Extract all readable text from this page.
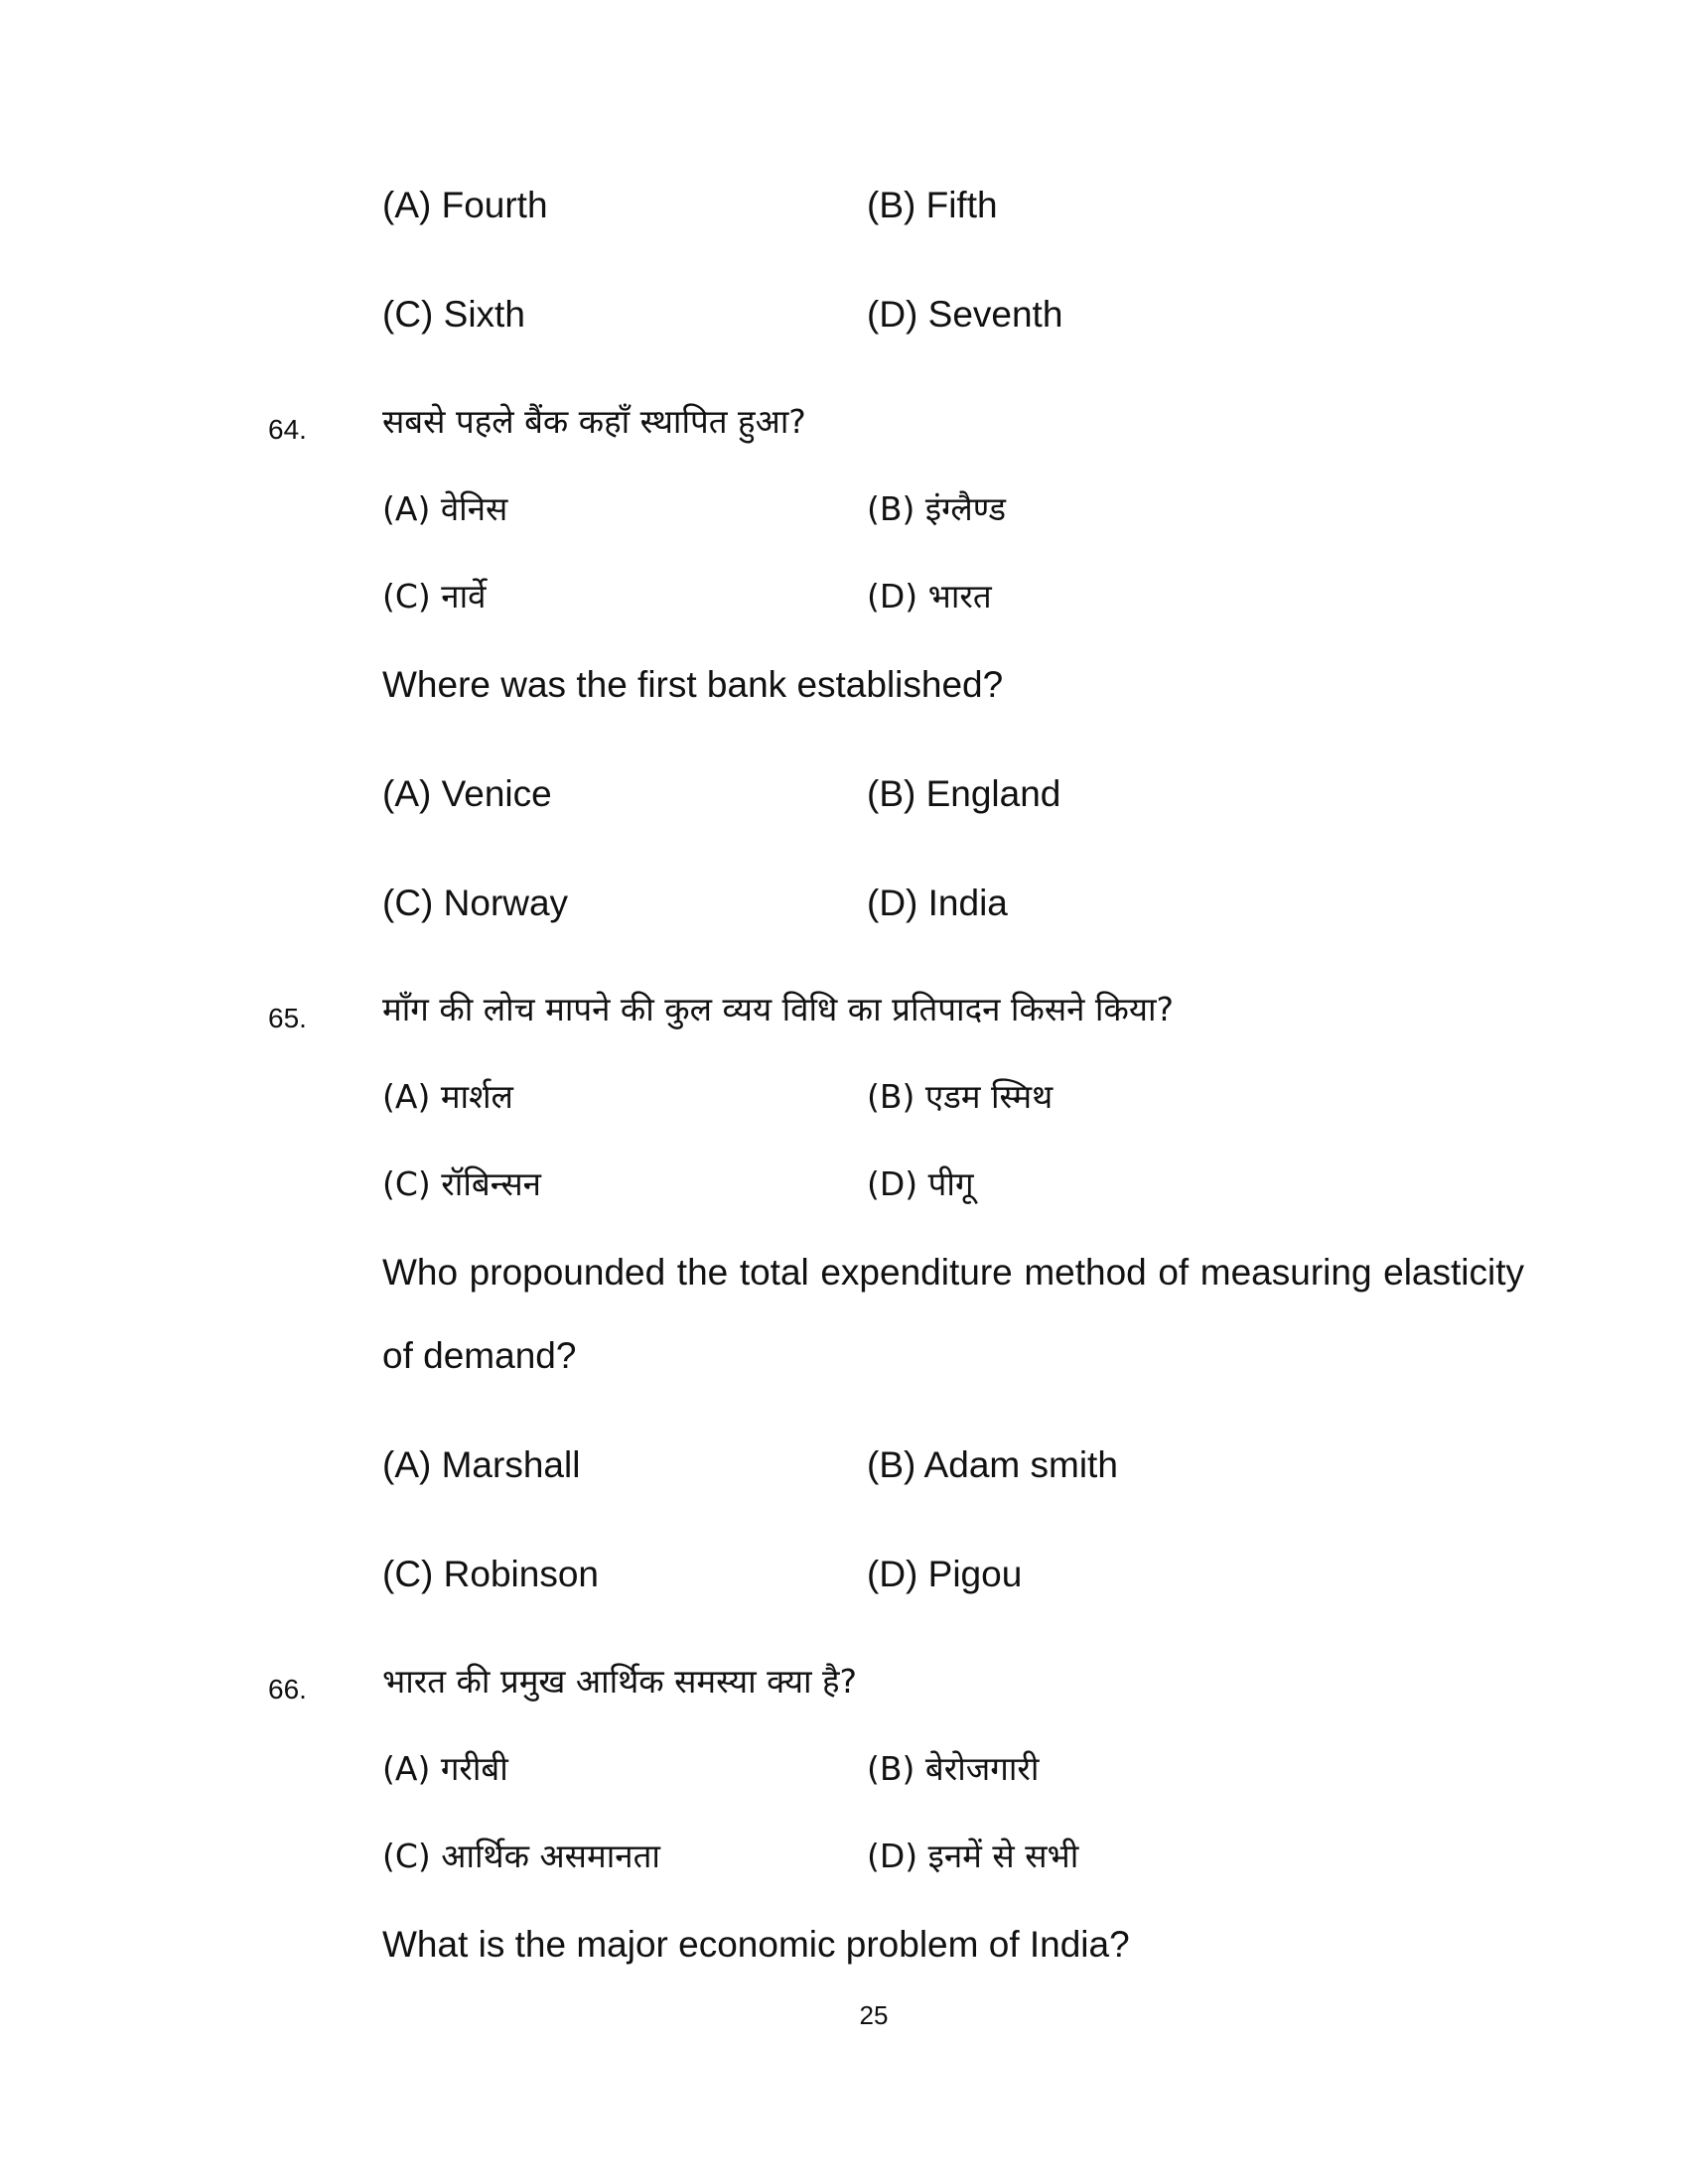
(A) Fourth	(B) Fifth
(C) Sixth	(D) Seventh
64. सबसे पहले बैंक कहाँ स्थापित हुआ?
(A) वेनिस	(B) इंग्लैण्ड
(C) नार्वे	(D) भारत
Where was the first bank established?
(A) Venice	(B) England
(C) Norway	(D) India
65. माँग की लोच मापने की कुल व्यय विधि का प्रतिपादन किसने किया?
(A) मार्शल	(B) एडम स्मिथ
(C) रॉबिन्सन	(D) पीगू
Who propounded the total expenditure method of measuring elasticity
of demand?
(A) Marshall	(B) Adam smith
(C) Robinson	(D) Pigou
66. भारत की प्रमुख आर्थिक समस्या क्या है?
(A) गरीबी	(B) बेरोजगारी
(C) आर्थिक असमानता	(D) इनमें से सभी
What is the major economic problem of India?
25
